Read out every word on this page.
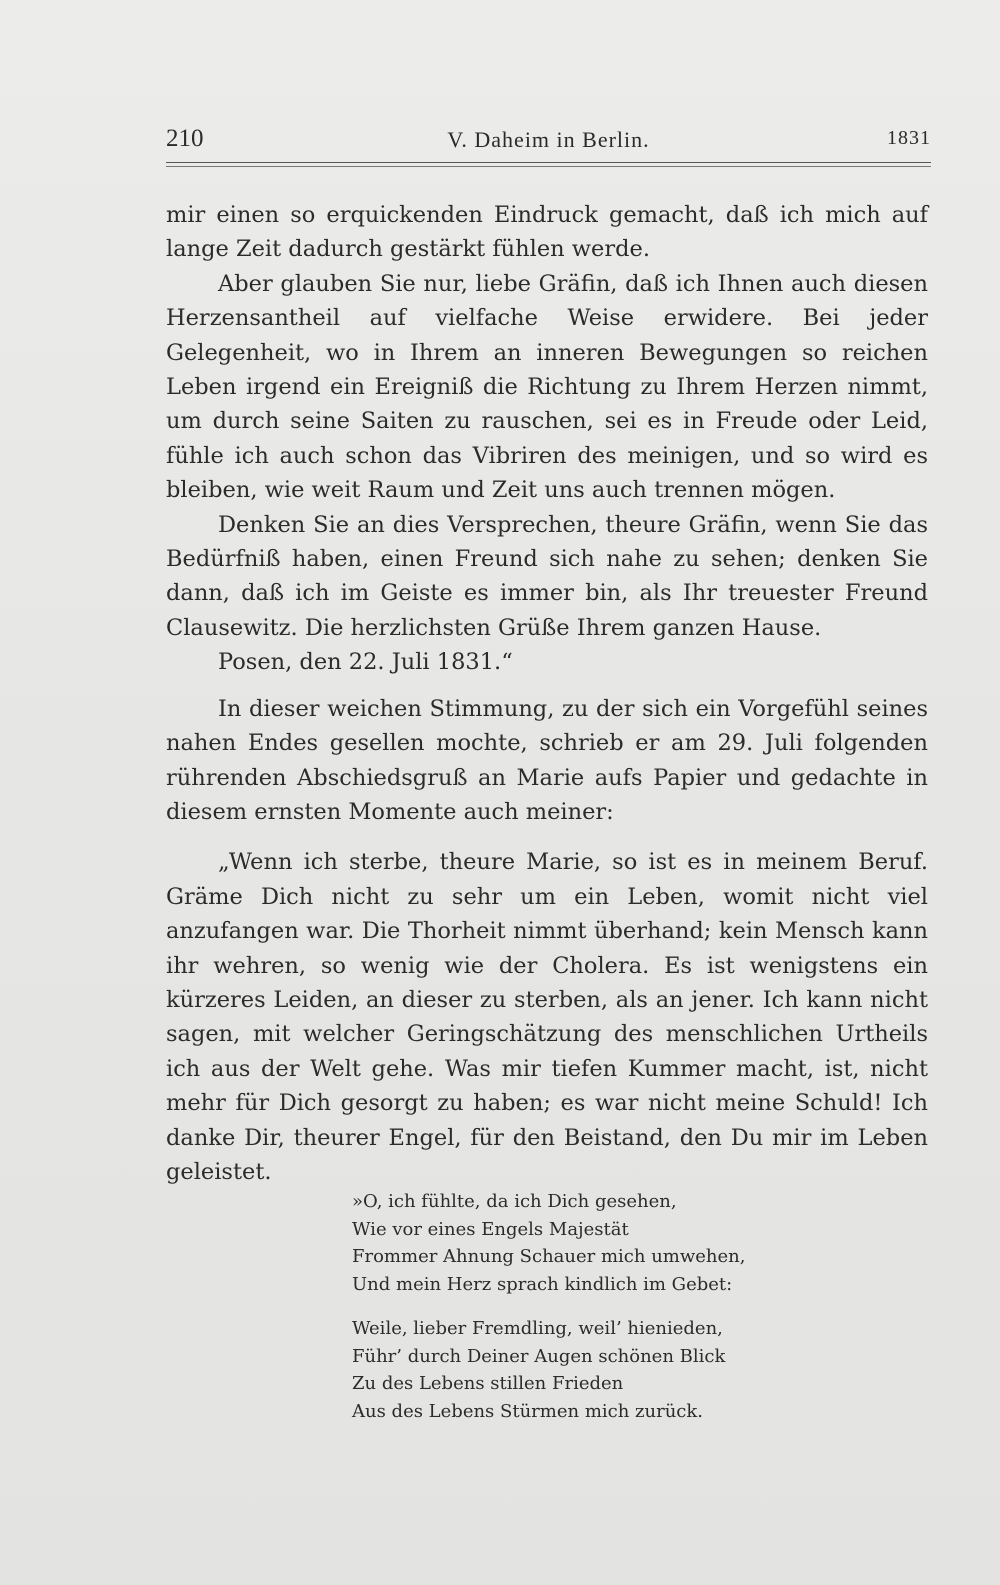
210	V. Daheim in Berlin.	1831

mir einen so erquickenden Eindruck gemacht, daß ich mich auf lange Zeit dadurch gestärkt fühlen werde.

Aber glauben Sie nur, liebe Gräfin, daß ich Ihnen auch diesen Herzensantheil auf vielfache Weise erwidere. Bei jeder Gelegenheit, wo in Ihrem an inneren Bewegungen so reichen Leben irgend ein Ereigniß die Richtung zu Ihrem Herzen nimmt, um durch seine Saiten zu rauschen, sei es in Freude oder Leid, fühle ich auch schon das Vibriren des meinigen, und so wird es bleiben, wie weit Raum und Zeit uns auch trennen mögen.

Denken Sie an dies Versprechen, theure Gräfin, wenn Sie das Bedürfniß haben, einen Freund sich nahe zu sehen; denken Sie dann, daß ich im Geiste es immer bin, als Ihr treuester Freund Clausewitz. Die herzlichsten Grüße Ihrem ganzen Hause.

Posen, den 22. Juli 1831.“

In dieser weichen Stimmung, zu der sich ein Vorgefühl seines nahen Endes gesellen mochte, schrieb er am 29. Juli folgenden rührenden Abschiedsgruß an Marie aufs Papier und gedachte in diesem ernsten Momente auch meiner:

„Wenn ich sterbe, theure Marie, so ist es in meinem Beruf. Gräme Dich nicht zu sehr um ein Leben, womit nicht viel anzufangen war. Die Thorheit nimmt überhand; kein Mensch kann ihr wehren, so wenig wie der Cholera. Es ist wenigstens ein kürzeres Leiden, an dieser zu sterben, als an jener. Ich kann nicht sagen, mit welcher Geringschätzung des menschlichen Urtheils ich aus der Welt gehe. Was mir tiefen Kummer macht, ist, nicht mehr für Dich gesorgt zu haben; es war nicht meine Schuld! Ich danke Dir, theurer Engel, für den Beistand, den Du mir im Leben geleistet.

»O, ich fühlte, da ich Dich gesehen,
Wie vor eines Engels Majestät
Frommer Ahnung Schauer mich umwehen,
Und mein Herz sprach kindlich im Gebet:
Weile, lieber Fremdling, weil’ hienieden,
Führ’ durch Deiner Augen schönen Blick
Zu des Lebens stillen Frieden
Aus des Lebens Stürmen mich zurück.
